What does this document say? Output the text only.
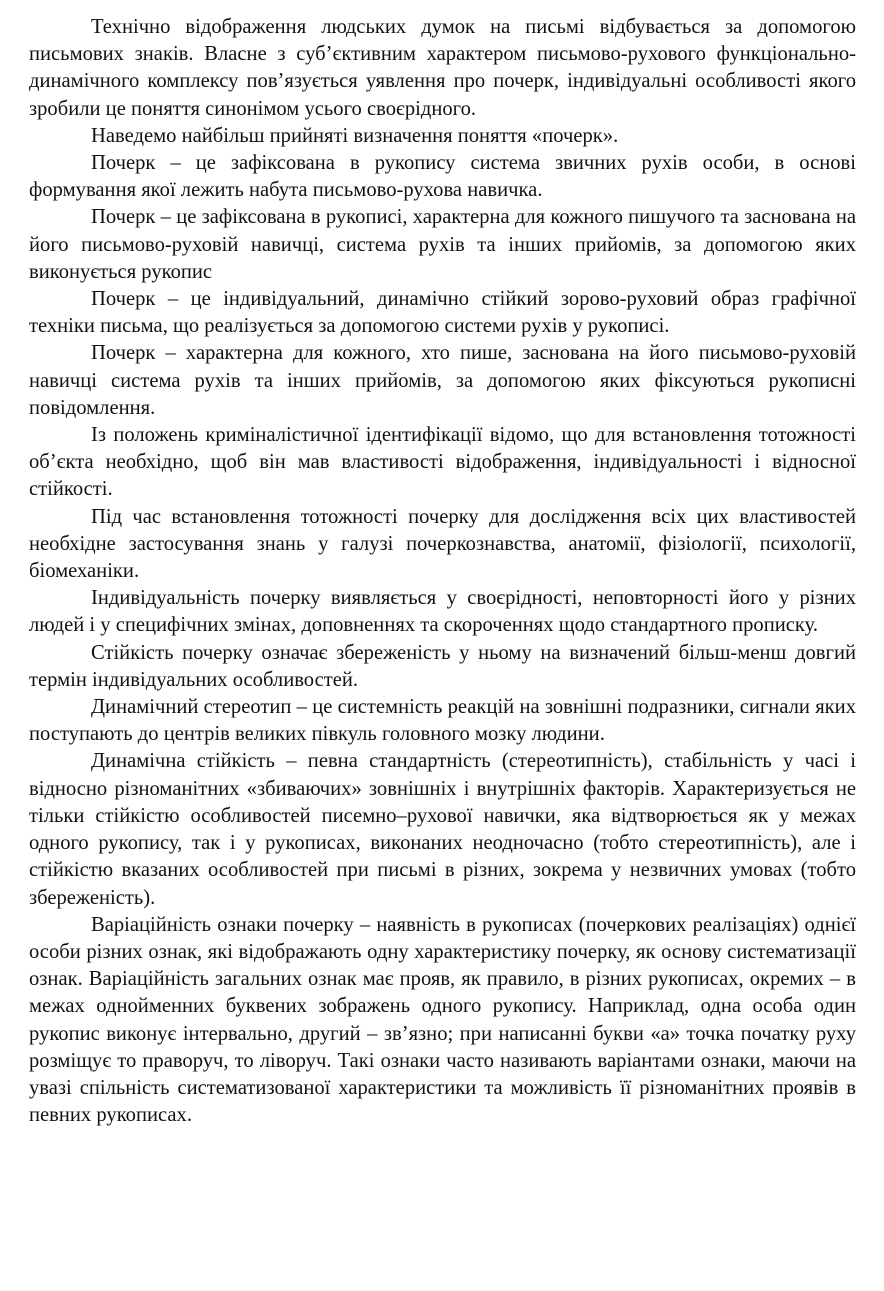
Технічно відображення людських думок на письмі відбувається за допомогою письмових знаків. Власне з суб’єктивним характером письмово-рухового функціонально-динамічного комплексу пов’язується уявлення про почерк, індивідуальні особливості якого зробили це поняття синонімом усього своєрідного.

Наведемо найбільш прийняті визначення поняття «почерк».

Почерк – це зафіксована в рукопису система звичних рухів особи, в основі формування якої лежить набута письмово-рухова навичка.

Почерк – це зафіксована в рукописі, характерна для кожного пишучого та заснована на його письмово-руховій навичці, система рухів та інших прийомів, за допомогою яких виконується рукопис

Почерк – це індивідуальний, динамічно стійкий зорово-руховий образ графічної техніки письма, що реалізується за допомогою системи рухів у рукописі.

Почерк – характерна для кожного, хто пише, заснована на його письмово-руховій навичці система рухів та інших прийомів, за допомогою яких фіксуються рукописні повідомлення.

Із положень криміналістичної ідентифікації відомо, що для встановлення тотожності об’єкта необхідно, щоб він мав властивості відображення, індивідуальності і відносної стійкості.

Під час встановлення тотожності почерку для дослідження всіх цих властивостей необхідне застосування знань у галузі почеркознавства, анатомії, фізіології, психології, біомеханіки.

Індивідуальність почерку виявляється у своєрідності, неповторності його у різних людей і у специфічних змінах, доповненнях та скороченнях щодо стандартного прописку.

Стійкість почерку означає збереженість у ньому на визначений більш-менш довгий термін індивідуальних особливостей.

Динамічний стереотип – це системність реакцій на зовнішні подразники, сигнали яких поступають до центрів великих півкуль головного мозку людини.

Динамічна стійкість – певна стандартність (стереотипність), стабільність у часі і відносно різноманітних «збиваючих» зовнішніх і внутрішніх факторів. Характеризується не тільки стійкістю особливостей писемно–рухової навички, яка відтворюється як у межах одного рукопису, так і у рукописах, виконаних неодночасно (тобто стереотипність), але і стійкістю вказаних особливостей при письмі в різних, зокрема у незвичних умовах (тобто збереженість).

Варіаційність ознаки почерку – наявність в рукописах (почеркових реалізаціях) однієї особи різних ознак, які відображають одну характеристику почерку, як основу систематизації ознак. Варіаційність загальних ознак має прояв, як правило, в різних рукописах, окремих – в межах однойменних буквених зображень одного рукопису. Наприклад, одна особа один рукопис виконує інтервально, другий – зв’язно; при написанні букви «а» точка початку руху розміщує то праворуч, то ліворуч. Такі ознаки часто називають варіантами ознаки, маючи на увазі спільність систематизованої характеристики та можливість її різноманітних проявів в певних рукописах.
